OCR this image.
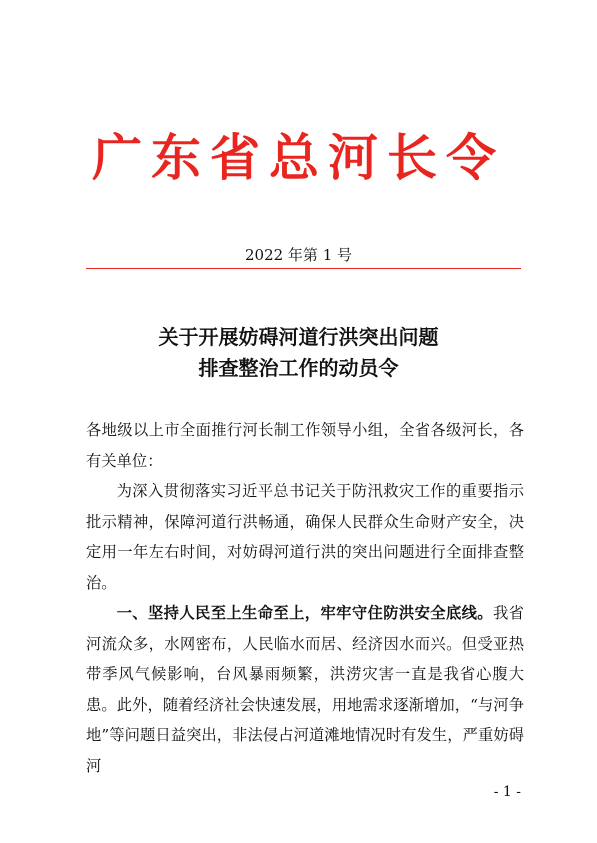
广东省总河长令
2022 年第 1 号
关于开展妨碍河道行洪突出问题
排查整治工作的动员令

各地级以上市全面推行河长制工作领导小组，全省各级河长，各有关单位：

为深入贯彻落实习近平总书记关于防汛救灾工作的重要指示批示精神，保障河道行洪畅通，确保人民群众生命财产安全，决定用一年左右时间，对妨碍河道行洪的突出问题进行全面排查整治。

一、坚持人民至上生命至上，牢牢守住防洪安全底线。我省河流众多，水网密布，人民临水而居、经济因水而兴。但受亚热带季风气候影响，台风暴雨频繁，洪涝灾害一直是我省心腹大患。此外，随着经济社会快速发展，用地需求逐渐增加，“与河争地”等问题日益突出，非法侵占河道滩地情况时有发生，严重妨碍河

- 1 -
